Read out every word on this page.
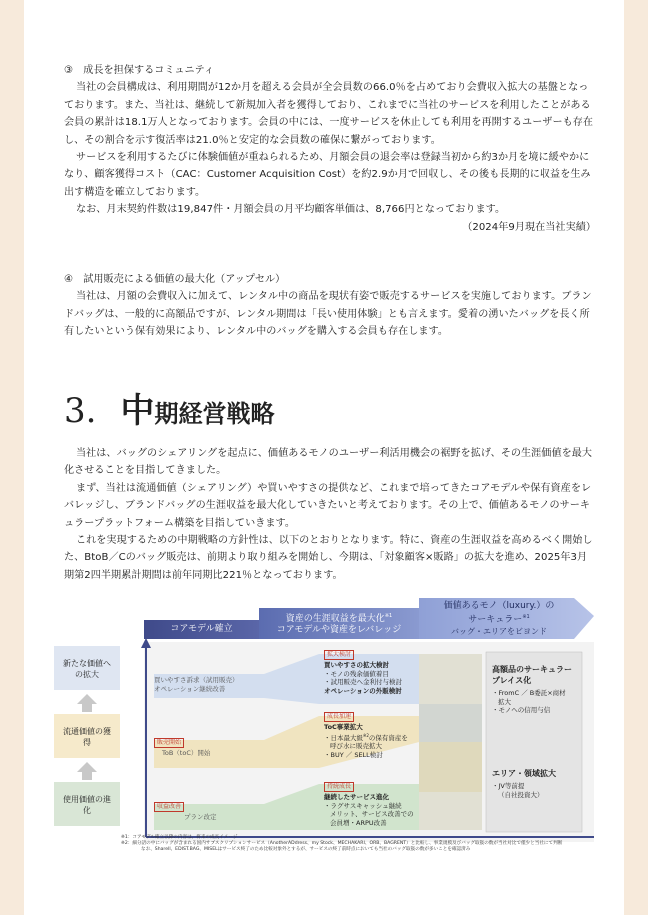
③　成長を担保するコミュニティ

当社の会員構成は、利用期間が12か月を超える会員が全会員数の66.0％を占めており会費収入拡大の基盤となっております。また、当社は、継続して新規加入者を獲得しており、これまでに当社のサービスを利用したことがある会員の累計は18.1万人となっております。会員の中には、一度サービスを休止しても利用を再開するユーザーも存在し、その割合を示す復活率は21.0％と安定的な会員数の確保に繋がっております。

サービスを利用するたびに体験価値が重ねられるため、月額会員の退会率は登録当初から約3か月を境に緩やかになり、顧客獲得コスト（CAC：Customer Acquisition Cost）を約2.9か月で回収し、その後も長期的に収益を生み出す構造を確立しております。

なお、月末契約件数は19,847件・月額会員の月平均顧客単価は、8,766円となっております。

（2024年9月現在当社実績）

④　試用販売による価値の最大化（アップセル）

当社は、月額の会費収入に加えて、レンタル中の商品を現状有姿で販売するサービスを実施しております。ブランドバッグは、一般的に高額品ですが、レンタル期間は「長い使用体験」とも言えます。愛着の湧いたバッグを長く所有したいという保有効果により、レンタル中のバッグを購入する会員も存在します。

3. 中 期経営戦略

当社は、バッグのシェアリングを起点に、価値あるモノのユーザー利活用機会の裾野を拡げ、その生涯価値を最大化させることを目指してきました。

まず、当社は流通価値（シェアリング）や買いやすさの提供など、これまで培ってきたコアモデルや保有資産をレバレッジし、ブランドバッグの生涯収益を最大化していきたいと考えております。その上で、価値あるモノのサーキュラープラットフォーム構築を目指していきます。

これを実現するための中期戦略の方針性は、以下のとおりとなります。特に、資産の生涯収益を高めるべく開始した、BtoB／Cのバッグ販売は、前期より取り組みを開始し、今期は、「対象顧客×販路」の拡大を進め、2025年3月期第2四半期累計期間は前年同期比221％となっております。

コアモデル確立
資産の生涯収益を最大化$^{※1}$
コアモデルや資産をレバレッジ
価値あるモノ（luxury.）の
サーキュラー$^{※1}$
バッグ・エリアをビヨンド
新たな価値への拡大
流通価値の獲得
使用価値の進化
買いやすさ訴求（試用販売）
オペレーション継続改善
拡大検討
買いやすさの拡大検討
・モノの残余価値着目
・試用販売へ金利付与検討
オペレーションの外販検討
販売開始
ToB（toC）開始
成長加速
ToC事業拡大
・日本最大級$^{※2}$の保有資産を
呼び水に販売拡大
・BUY ／ SELL検討
収益改善
プラン改定
持続成長
継続したサービス進化
・ラグサスキャッシュ継続
メリット、サービス改善での
会員増・ARPU改善
高額品のサーキュラープレイス化
・FromC ／ B委託×商材
拡大
・モノへの信用与信
エリア・領域拡大
・JV等前提
（自社投資大）
※1：コアモデル確立以降の内容は、将来の成長イメージ
※2：細分語の中にバッグが含まれる国内サブスクリプションサービス（AnotherADdress、my Stock、MECHAKARI、ORB、BAGRENT）と比較し、事業規模及びバッグ取扱の数が当社対比で僅少と当社にて判断
なお、Sharell、EDIST.BAG、MISELはサービス終了のため比較対象外とするが、サービスの終了前時点においても当社のバッグ取扱の数が多いことを確認済み
